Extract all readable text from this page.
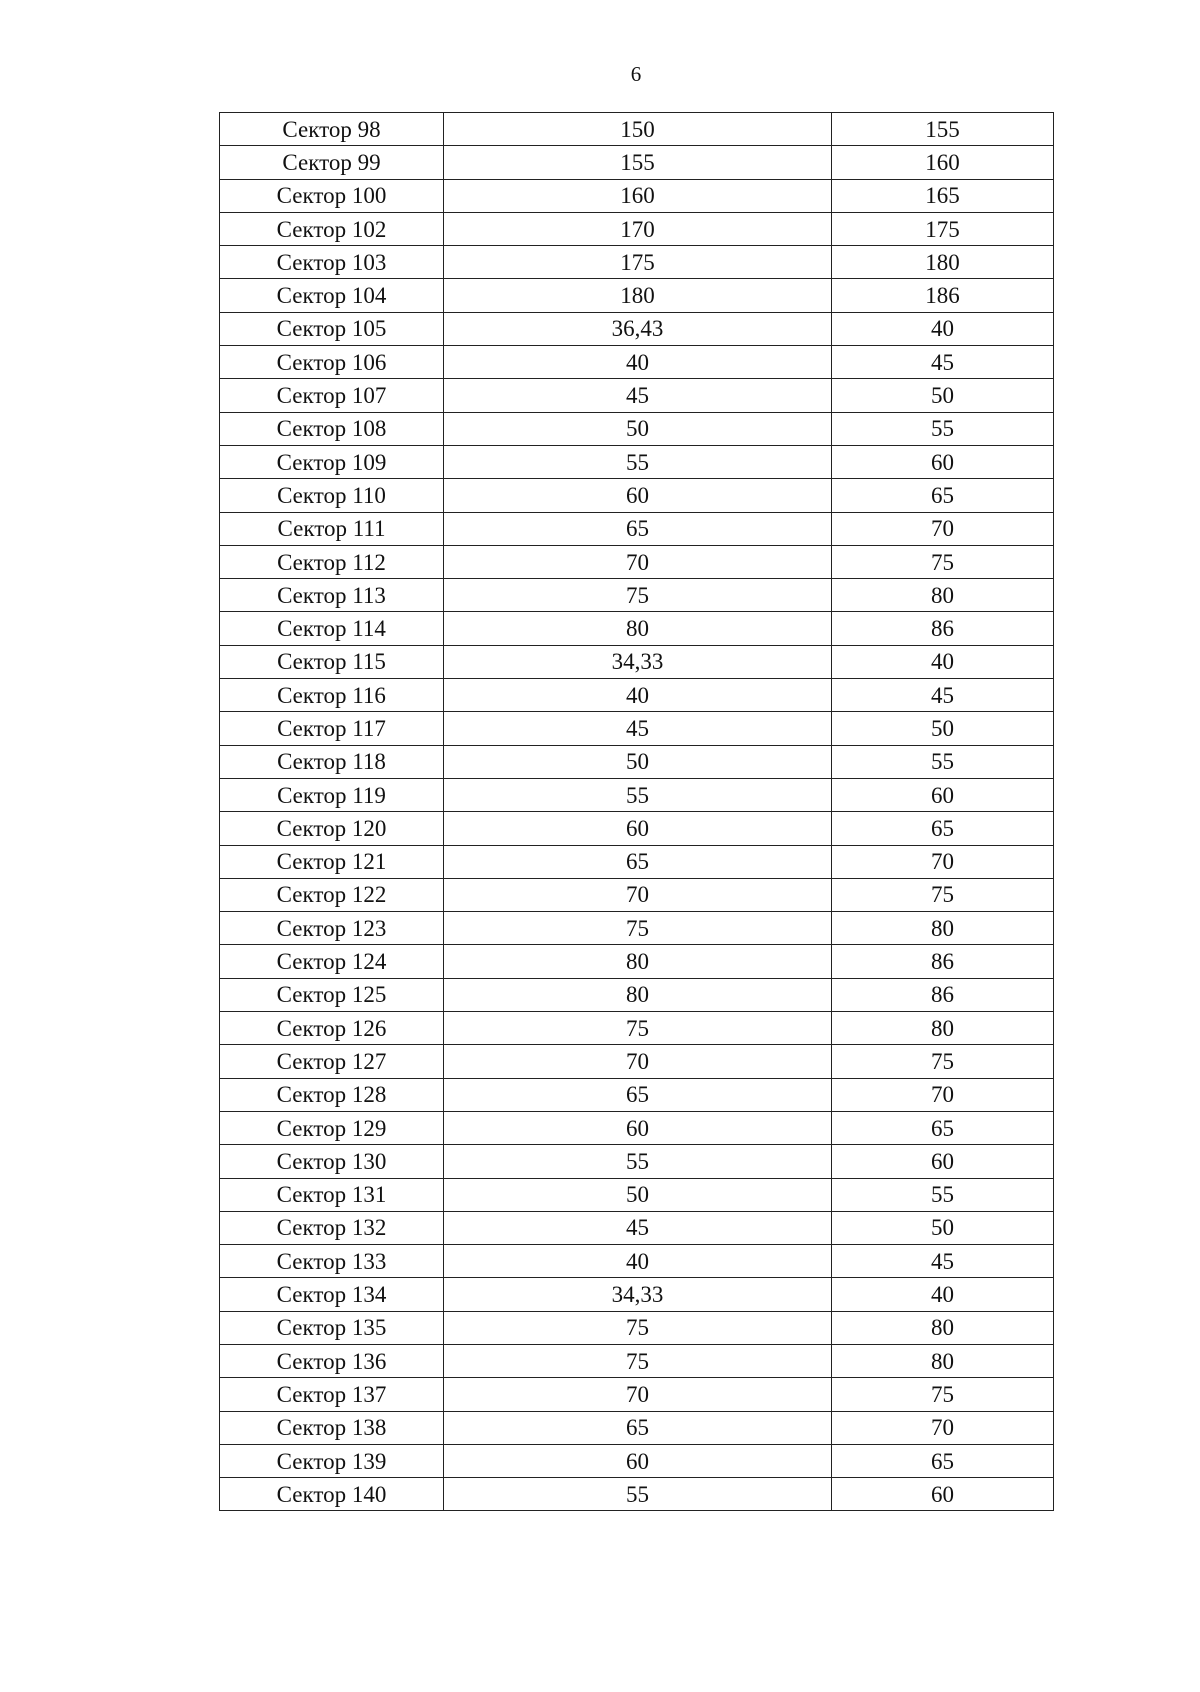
6
Сектор 98	150	155
Сектор 99	155	160
Сектор 100	160	165
Сектор 102	170	175
Сектор 103	175	180
Сектор 104	180	186
Сектор 105	36,43	40
Сектор 106	40	45
Сектор 107	45	50
Сектор 108	50	55
Сектор 109	55	60
Сектор 110	60	65
Сектор 111	65	70
Сектор 112	70	75
Сектор 113	75	80
Сектор 114	80	86
Сектор 115	34,33	40
Сектор 116	40	45
Сектор 117	45	50
Сектор 118	50	55
Сектор 119	55	60
Сектор 120	60	65
Сектор 121	65	70
Сектор 122	70	75
Сектор 123	75	80
Сектор 124	80	86
Сектор 125	80	86
Сектор 126	75	80
Сектор 127	70	75
Сектор 128	65	70
Сектор 129	60	65
Сектор 130	55	60
Сектор 131	50	55
Сектор 132	45	50
Сектор 133	40	45
Сектор 134	34,33	40
Сектор 135	75	80
Сектор 136	75	80
Сектор 137	70	75
Сектор 138	65	70
Сектор 139	60	65
Сектор 140	55	60
